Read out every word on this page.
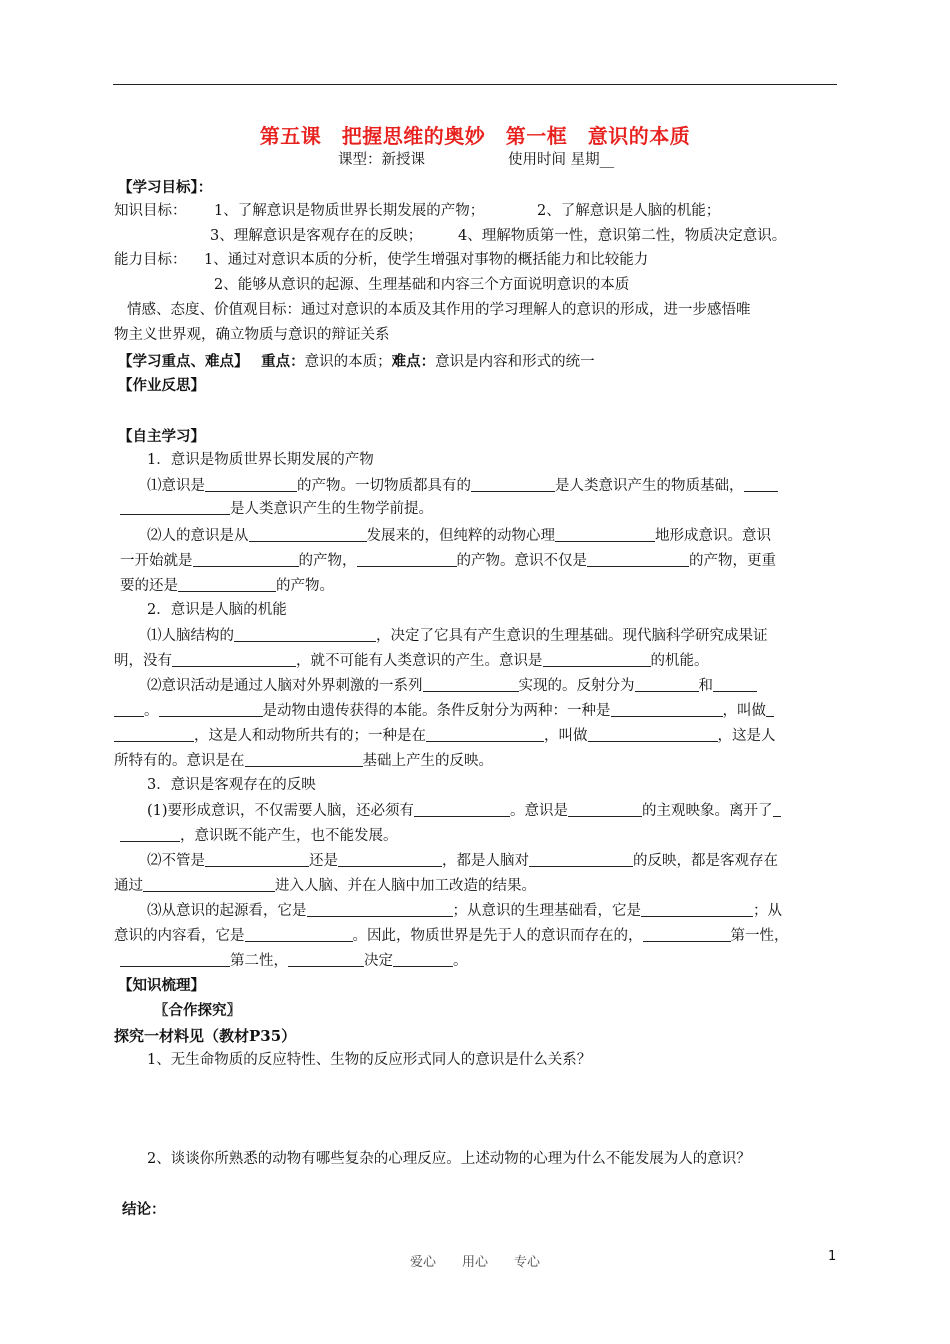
第五课　把握思维的奥妙　第一框　意识的本质
课型：新授课	使用时间 星期__
【学习目标】：
知识目标： 1、了解意识是物质世界长期发展的产物；	2、了解意识是人脑的机能；
3、理解意识是客观存在的反映； 4、理解物质第一性，意识第二性，物质决定意识。
能力目标： 1、通过对意识本质的分析，使学生增强对事物的概括能力和比较能力
2、能够从意识的起源、生理基础和内容三个方面说明意识的本质
情感、态度、价值观目标：通过对意识的本质及其作用的学习理解人的意识的形成，进一步感悟唯
物主义世界观，确立物质与意识的辩证关系
【学习重点、难点】 重点：意识的本质；难点：意识是内容和形式的统一
【作业反思】
【自主学习】
1．意识是物质世界长期发展的产物
⑴意识是	的产物。一切物质都具有的	是人类意识产生的物质基础，
是人类意识产生的生物学前提。
⑵人的意识是从	发展来的，但纯粹的动物心理	地形成意识。意识
一开始就是	的产物，	的产物。意识不仅是	的产物，更重
要的还是	的产物。
2．意识是人脑的机能
⑴人脑结构的	，决定了它具有产生意识的生理基础。现代脑科学研究成果证
明，没有	，就不可能有人类意识的产生。意识是	的机能。
⑵意识活动是通过人脑对外界刺激的一系列	实现的。反射分为	和
。	是动物由遗传获得的本能。条件反射分为两种：一种是	，叫做
，这是人和动物所共有的；一种是在	，叫做	，这是人
所特有的。意识是在	基础上产生的反映。
3．意识是客观存在的反映
(1)要形成意识，不仅需要人脑，还必须有	。意识是	的主观映象。离开了
，意识既不能产生，也不能发展。
⑵不管是	还是	，都是人脑对	的反映，都是客观存在
通过	进入人脑、并在人脑中加工改造的结果。
⑶从意识的起源看，它是	；从意识的生理基础看，它是	；从
意识的内容看，它是	。因此，物质世界是先于人的意识而存在的，	第一性，
第二性，	决定	。
【知识梳理】
〖合作探究〗
探究一材料见（教材P35）
1、无生命物质的反应特性、生物的反应形式同人的意识是什么关系？
2、谈谈你所熟悉的动物有哪些复杂的心理反应。上述动物的心理为什么不能发展为人的意识？
结论：
爱心　　用心　　专心	1
